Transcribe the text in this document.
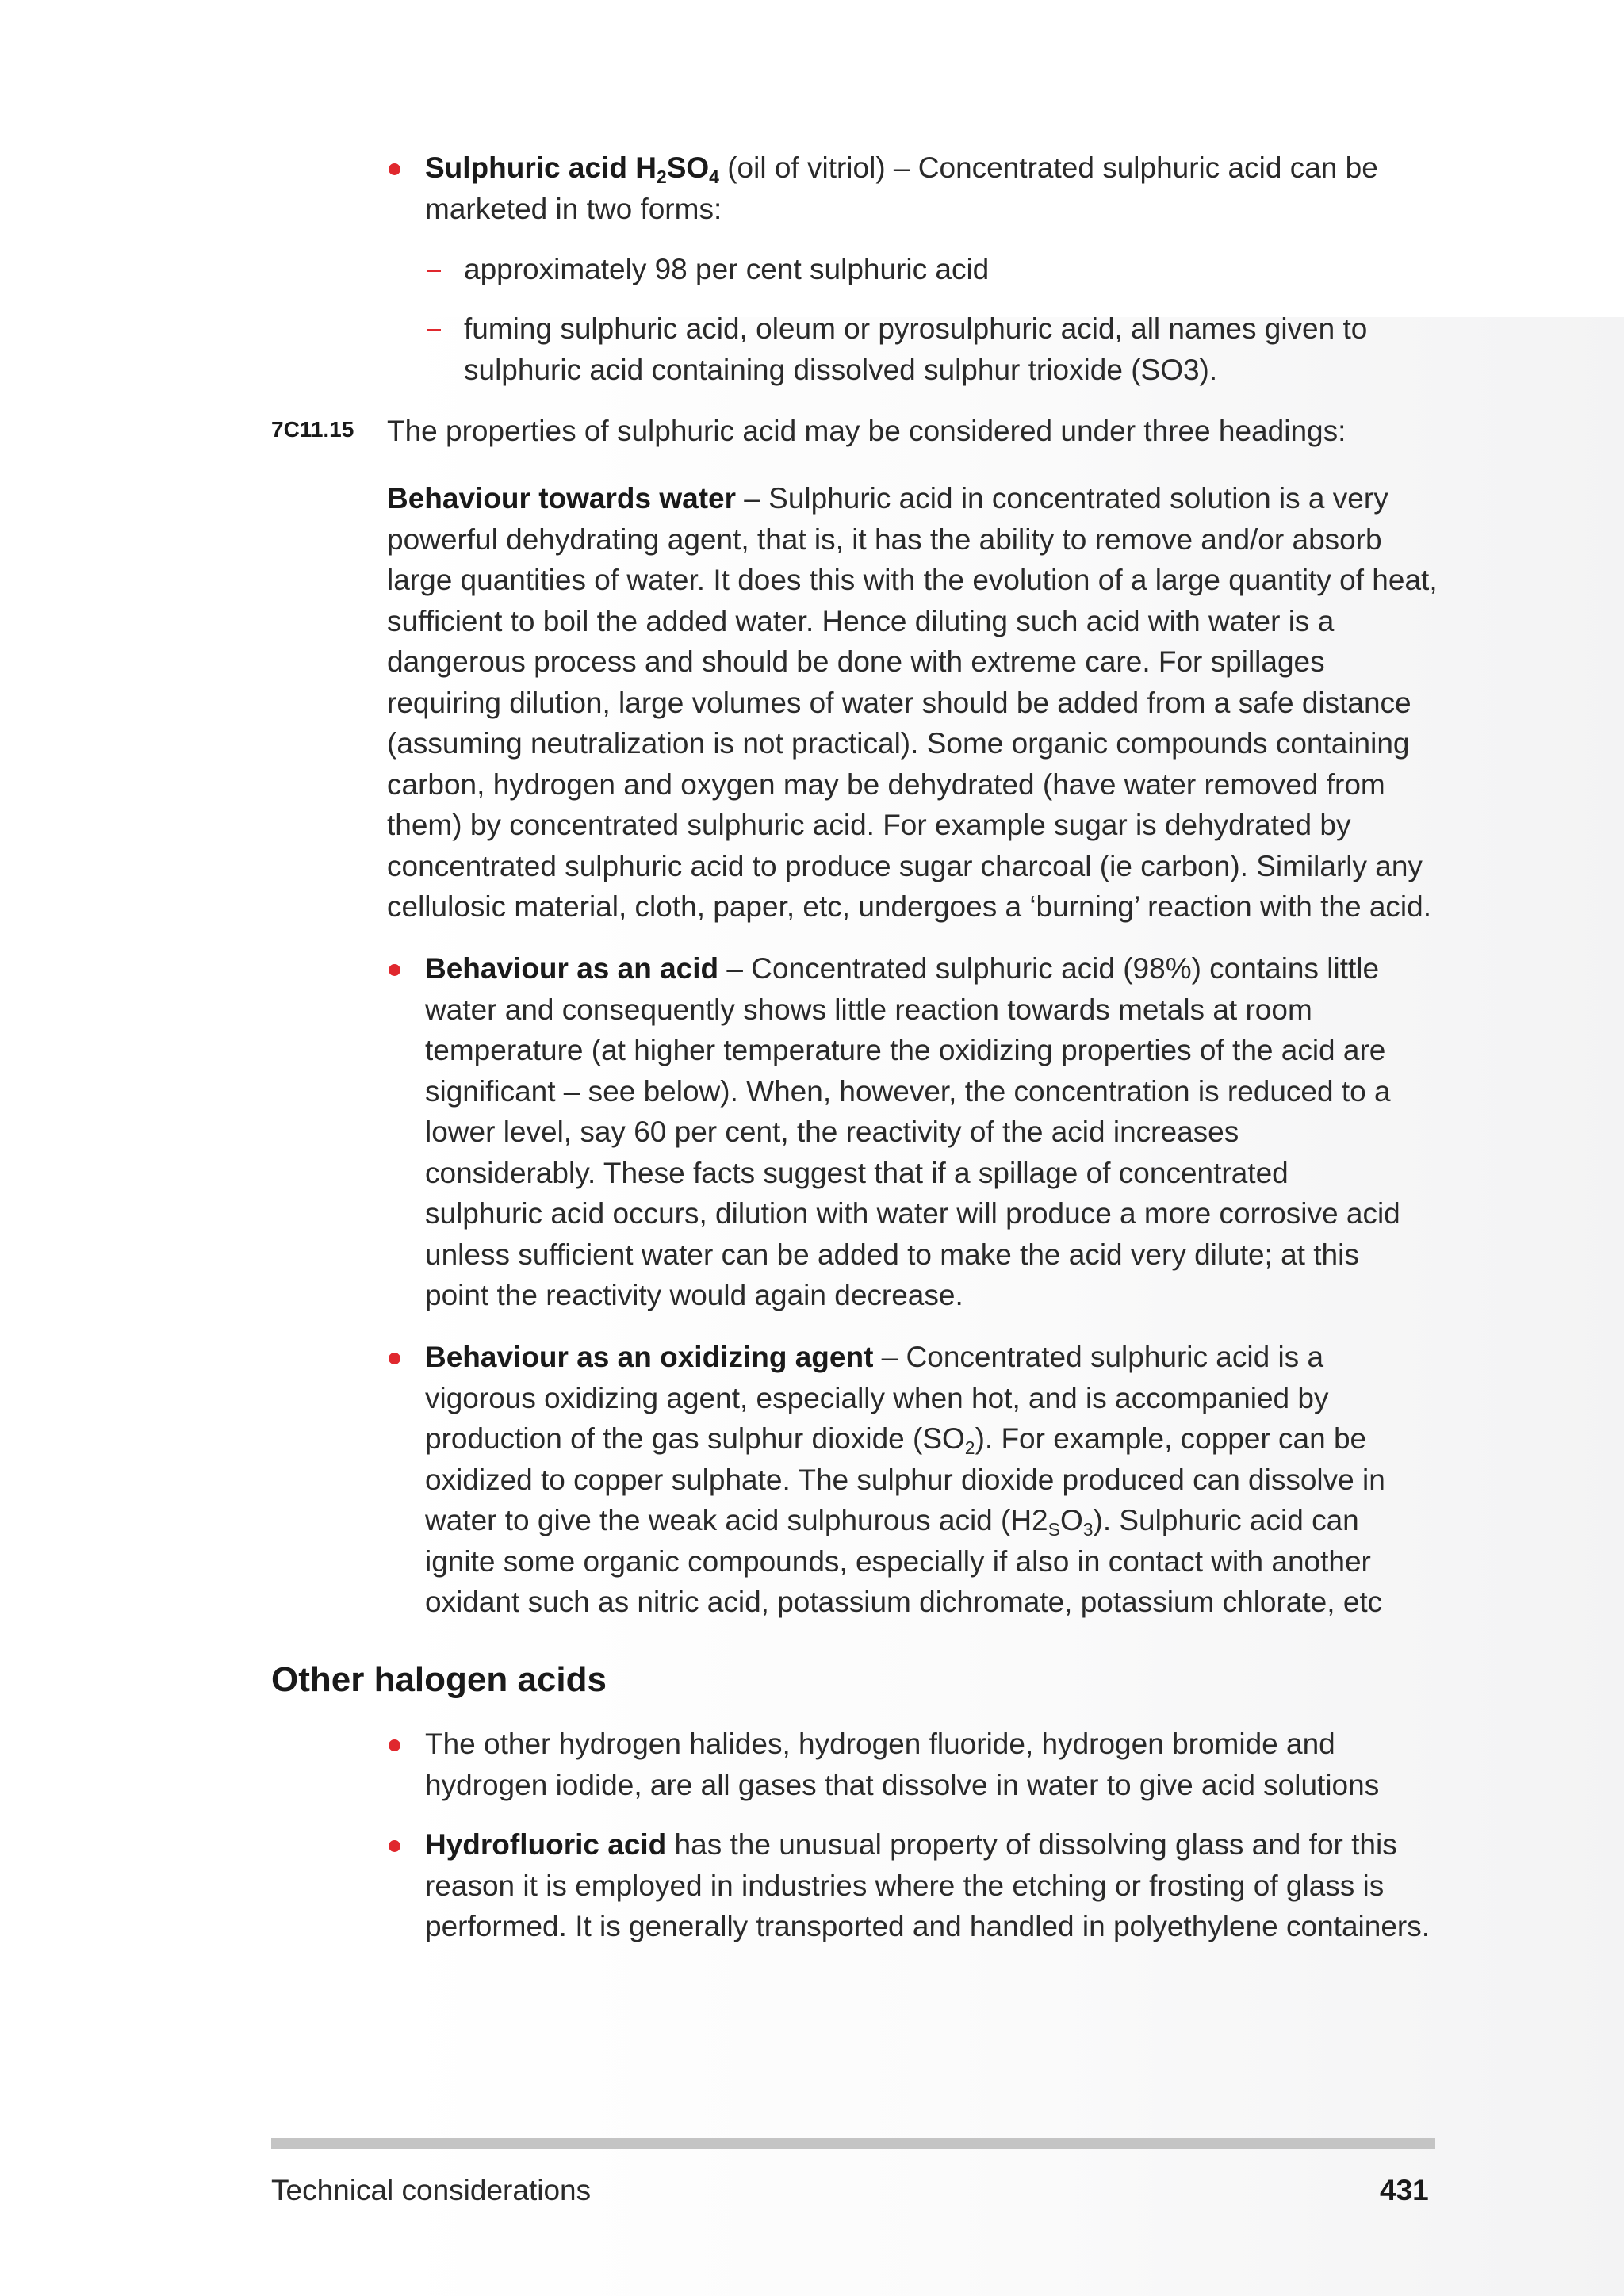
Sulphuric acid $H_2SO_4$ (oil of vitriol) – Concentrated sulphuric acid can be marketed in two forms:

approximately 98 per cent sulphuric acid

fuming sulphuric acid, oleum or pyrosulphuric acid, all names given to sulphuric acid containing dissolved sulphur trioxide (SO3).

7C11.15 The properties of sulphuric acid may be considered under three headings:

Behaviour towards water – Sulphuric acid in concentrated solution is a very powerful dehydrating agent, that is, it has the ability to remove and/or absorb large quantities of water. It does this with the evolution of a large quantity of heat, sufficient to boil the added water. Hence diluting such acid with water is a dangerous process and should be done with extreme care. For spillages requiring dilution, large volumes of water should be added from a safe distance (assuming neutralization is not practical). Some organic compounds containing carbon, hydrogen and oxygen may be dehydrated (have water removed from them) by concentrated sulphuric acid. For example sugar is dehydrated by concentrated sulphuric acid to produce sugar charcoal (ie carbon). Similarly any cellulosic material, cloth, paper, etc, undergoes a ‘burning’ reaction with the acid.

Behaviour as an acid – Concentrated sulphuric acid (98%) contains little water and consequently shows little reaction towards metals at room temperature (at higher temperature the oxidizing properties of the acid are significant – see below). When, however, the concentration is reduced to a lower level, say 60 per cent, the reactivity of the acid increases considerably. These facts suggest that if a spillage of concentrated sulphuric acid occurs, dilution with water will produce a more corrosive acid unless sufficient water can be added to make the acid very dilute; at this point the reactivity would again decrease.

Behaviour as an oxidizing agent – Concentrated sulphuric acid is a vigorous oxidizing agent, especially when hot, and is accompanied by production of the gas sulphur dioxide $(SO_2)$. For example, copper can be oxidized to copper sulphate. The sulphur dioxide produced can dissolve in water to give the weak acid sulphurous acid $(H2_SO_3)$. Sulphuric acid can ignite some organic compounds, especially if also in contact with another oxidant such as nitric acid, potassium dichromate, potassium chlorate, etc

Other halogen acids

The other hydrogen halides, hydrogen fluoride, hydrogen bromide and hydrogen iodide, are all gases that dissolve in water to give acid solutions

Hydrofluoric acid has the unusual property of dissolving glass and for this reason it is employed in industries where the etching or frosting of glass is performed. It is generally transported and handled in polyethylene containers.

Technical considerations	431
